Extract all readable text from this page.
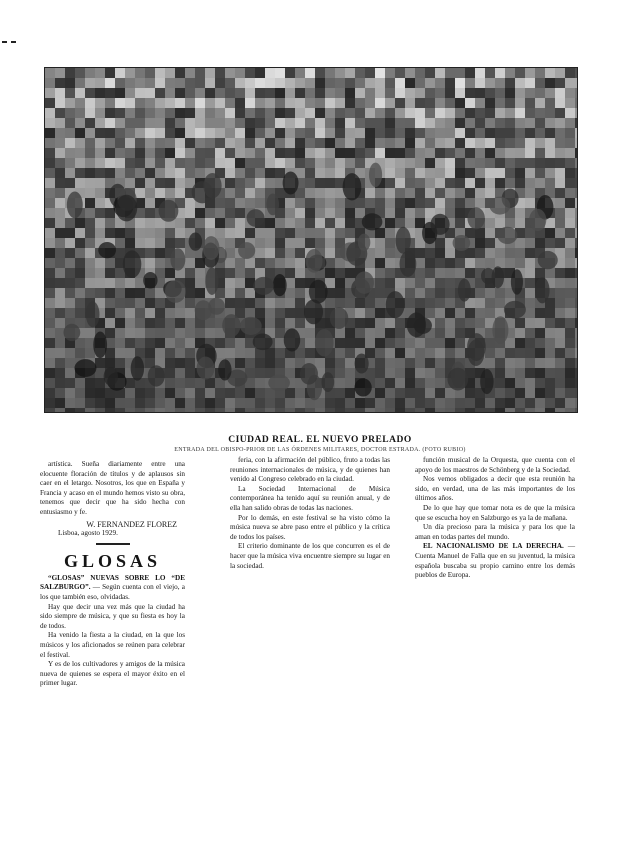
CIUDAD REAL. EL NUEVO PRELADO
ENTRADA DEL OBISPO-PRIOR DE LAS ÓRDENES MILITARES, DOCTOR ESTRADA. (FOTO RUBIO)

artística. Sueña diariamente entre una elocuente floración de títulos y de aplausos sin caer en el letargo. Nosotros, los que en España y Francia y acaso en el mundo hemos visto su obra, tenemos que decir que ha sido hecha con entusiasmo y fe.

W. FERNANDEZ FLOREZ
Lisboa, agosto 1929.
GLOSAS

“GLOSAS” NUEVAS SOBRE LO “DE SALZBURGO”. — Según cuenta con el viejo, a los que también eso, olvidadas.

Hay que decir una vez más que la ciudad ha sido siempre de música, y que su fiesta es hoy la de todos.

Ha venido la fiesta a la ciudad, en la que los músicos y los aficionados se reúnen para celebrar el festival.

Y es de los cultivadores y amigos de la música nueva de quienes se espera el mayor éxito en el primer lugar.

feria, con la afirmación del público, fruto a todas las reuniones internacionales de música, y de quienes han venido al Congreso celebrado en la ciudad.

La Sociedad Internacional de Música contemporánea ha tenido aquí su reunión anual, y de ella han salido obras de todas las naciones.

Por lo demás, en este festival se ha visto cómo la música nueva se abre paso entre el público y la crítica de todos los países.

El criterio dominante de los que concurren es el de hacer que la música viva encuentre siempre su lugar en la sociedad.

función musical de la Orquesta, que cuenta con el apoyo de los maestros de Schönberg y de la Sociedad.

Nos vemos obligados a decir que esta reunión ha sido, en verdad, una de las más importantes de los últimos años.

De lo que hay que tomar nota es de que la música que se escucha hoy en Salzburgo es ya la de mañana.

Un día precioso para la música y para los que la aman en todas partes del mundo.

EL NACIONALISMO DE LA DERECHA. — Cuenta Manuel de Falla que en su juventud, la música española buscaba su propio camino entre los demás pueblos de Europa.
